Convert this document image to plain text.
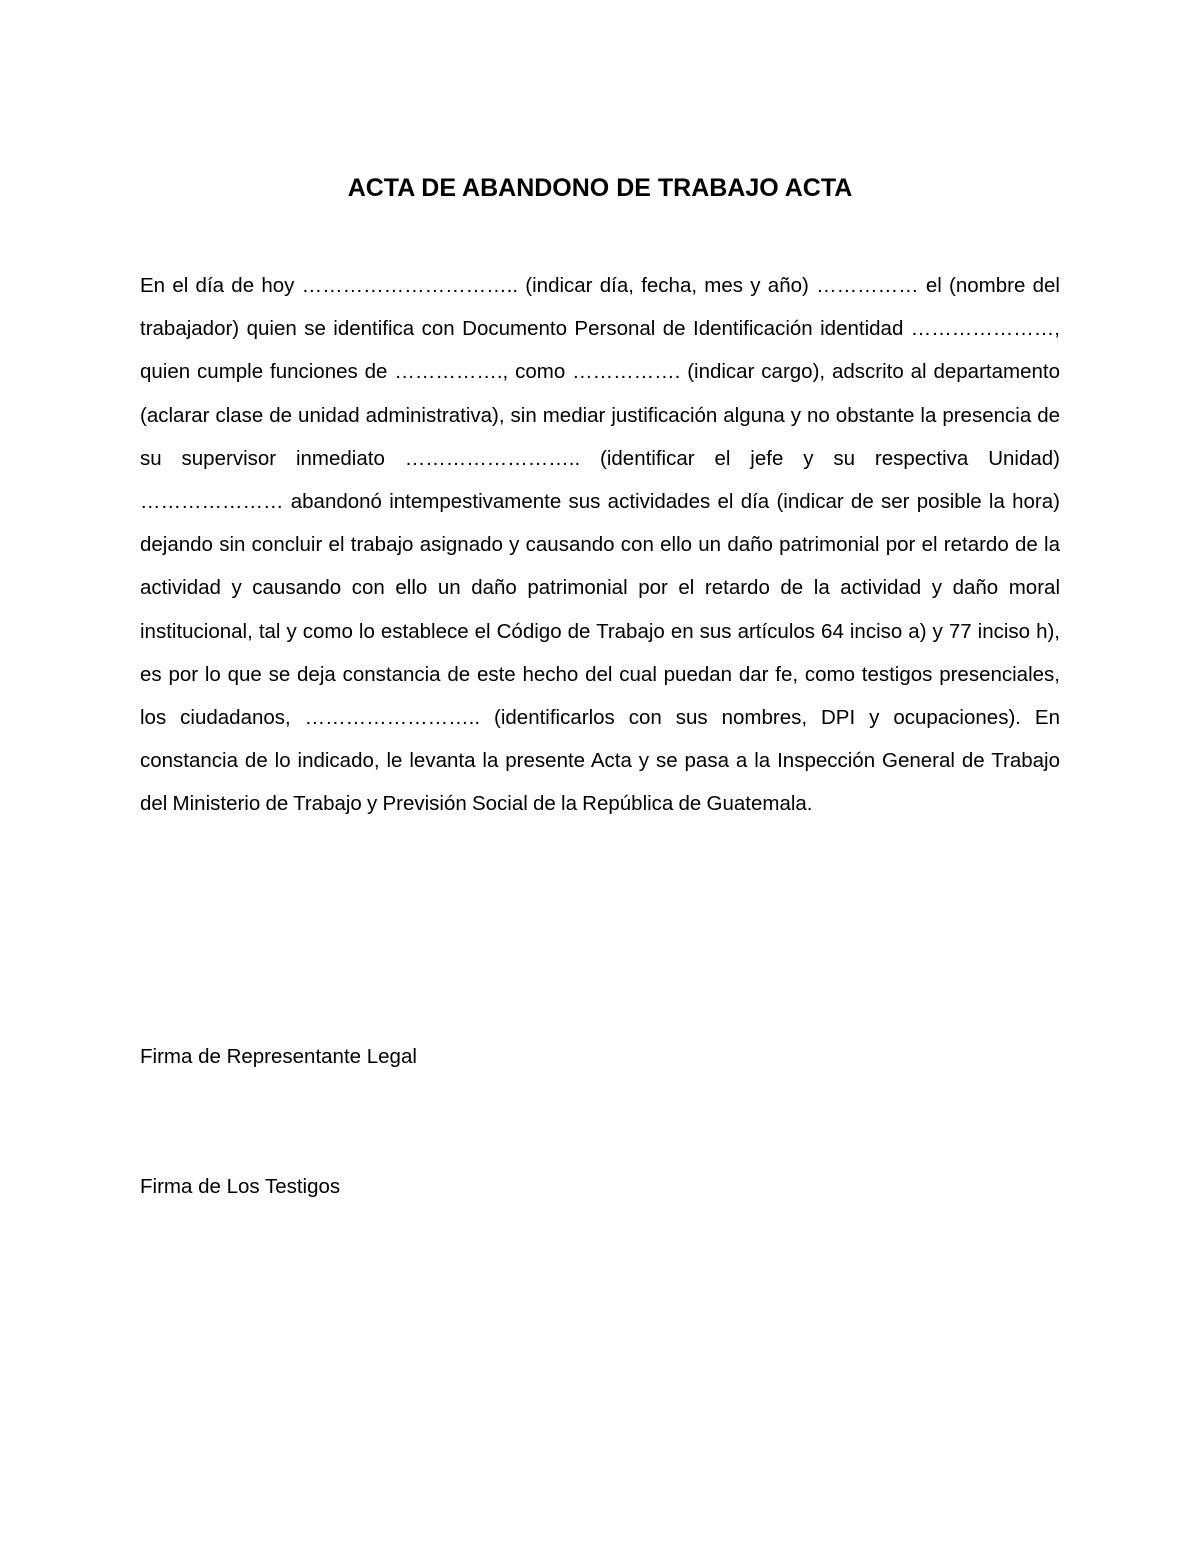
ACTA DE ABANDONO DE TRABAJO ACTA

En el día de hoy ………………………….. (indicar día, fecha, mes y año) …………… el (nombre del trabajador) quien se identifica con Documento Personal de Identificación identidad …………………, quien cumple funciones de ……………., como ……………. (indicar cargo), adscrito al departamento (aclarar clase de unidad administrativa), sin mediar justificación alguna y no obstante la presencia de su supervisor inmediato …………………….. (identificar el jefe y su respectiva Unidad) ………………… abandonó intempestivamente sus actividades el día (indicar de ser posible la hora) dejando sin concluir el trabajo asignado y causando con ello un daño patrimonial por el retardo de la actividad y causando con ello un daño patrimonial por el retardo de la actividad y daño moral institucional, tal y como lo establece el Código de Trabajo en sus artículos 64 inciso a) y 77 inciso h), es por lo que se deja constancia de este hecho del cual puedan dar fe, como testigos presenciales, los ciudadanos, …………………….. (identificarlos con sus nombres, DPI y ocupaciones). En constancia de lo indicado, le levanta la presente Acta y se pasa a la Inspección General de Trabajo del Ministerio de Trabajo y Previsión Social de la República de Guatemala.

Firma de Representante Legal

Firma de Los Testigos
